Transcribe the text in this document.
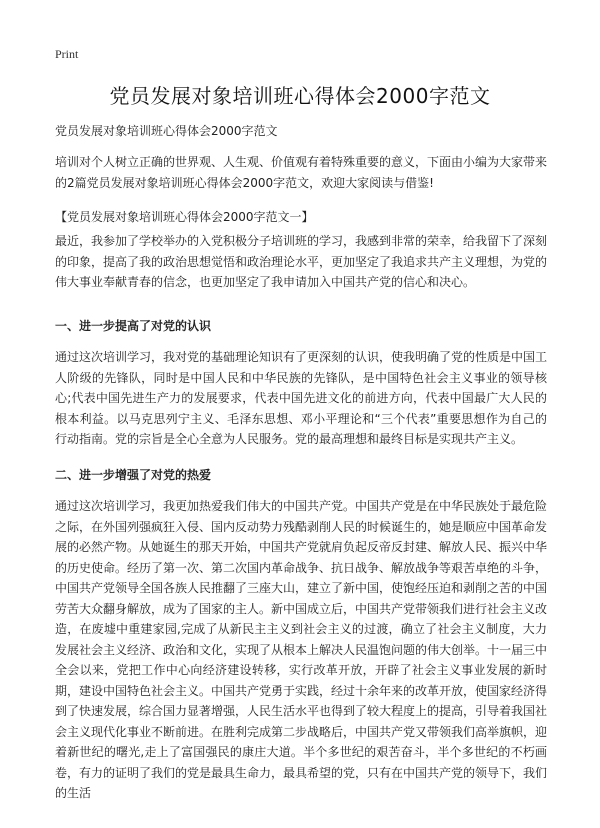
Print
党员发展对象培训班心得体会2000字范文

党员发展对象培训班心得体会2000字范文

培训对个人树立正确的世界观、人生观、价值观有着特殊重要的意义，下面由小编为大家带来的2篇党员发展对象培训班心得体会2000字范文，欢迎大家阅读与借鉴!

【党员发展对象培训班心得体会2000字范文一】

最近，我参加了学校举办的入党积极分子培训班的学习，我感到非常的荣幸，给我留下了深刻的印象，提高了我的政治思想觉悟和政治理论水平，更加坚定了我追求共产主义理想，为党的伟大事业奉献青春的信念，也更加坚定了我申请加入中国共产党的信心和决心。

一、进一步提高了对党的认识

通过这次培训学习，我对党的基础理论知识有了更深刻的认识，使我明确了党的性质是中国工人阶级的先锋队，同时是中国人民和中华民族的先锋队，是中国特色社会主义事业的领导核心;代表中国先进生产力的发展要求，代表中国先进文化的前进方向，代表中国最广大人民的根本利益。以马克思列宁主义、毛泽东思想、邓小平理论和“三个代表”重要思想作为自己的行动指南。党的宗旨是全心全意为人民服务。党的最高理想和最终目标是实现共产主义。

二、进一步增强了对党的热爱

通过这次培训学习，我更加热爱我们伟大的中国共产党。中国共产党是在中华民族处于最危险之际，在外国列强疯狂入侵、国内反动势力残酷剥削人民的时候诞生的，她是顺应中国革命发展的必然产物。从她诞生的那天开始，中国共产党就肩负起反帝反封建、解放人民、振兴中华的历史使命。经历了第一次、第二次国内革命战争、抗日战争、解放战争等艰苦卓绝的斗争，中国共产党领导全国各族人民推翻了三座大山，建立了新中国，使饱经压迫和剥削之苦的中国劳苦大众翻身解放，成为了国家的主人。新中国成立后，中国共产党带领我们进行社会主义改造，在废墟中重建家园,完成了从新民主主义到社会主义的过渡，确立了社会主义制度，大力发展社会主义经济、政治和文化，实现了从根本上解决人民温饱问题的伟大创举。十一届三中全会以来，党把工作中心向经济建设转移，实行改革开放，开辟了社会主义事业发展的新时期，建设中国特色社会主义。中国共产党勇于实践，经过十余年来的改革开放，使国家经济得到了快速发展，综合国力显著增强，人民生活水平也得到了较大程度上的提高，引导着我国社会主义现代化事业不断前进。在胜利完成第二步战略后，中国共产党又带领我们高举旗帜，迎着新世纪的曙光,走上了富国强民的康庄大道。半个多世纪的艰苦奋斗，半个多世纪的不朽画卷，有力的证明了我们的党是最具生命力，最具希望的党，只有在中国共产党的领导下，我们的生活
